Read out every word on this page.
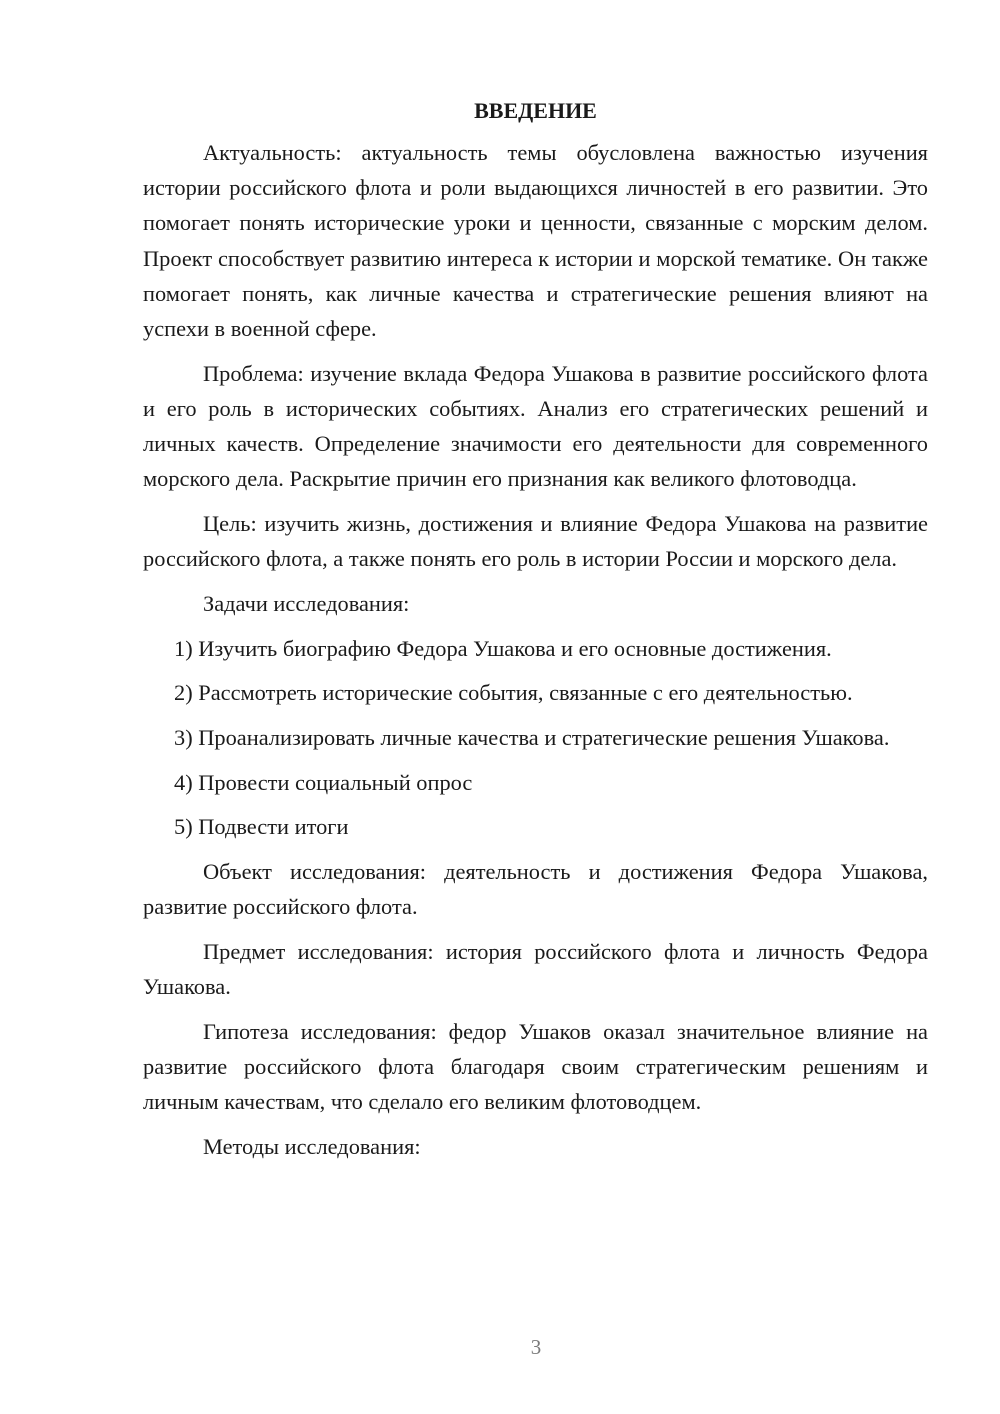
ВВЕДЕНИЕ

Актуальность: актуальность темы обусловлена важностью изучения истории российского флота и роли выдающихся личностей в его развитии. Это помогает понять исторические уроки и ценности, связанные с морским делом. Проект способствует развитию интереса к истории и морской тематике. Он также помогает понять, как личные качества и стратегические решения влияют на успехи в военной сфере.

Проблема: изучение вклада Федора Ушакова в развитие российского флота и его роль в исторических событиях. Анализ его стратегических решений и личных качеств. Определение значимости его деятельности для современного морского дела. Раскрытие причин его признания как великого флотоводца.

Цель: изучить жизнь, достижения и влияние Федора Ушакова на развитие российского флота, а также понять его роль в истории России и морского дела.

Задачи исследования:

1) Изучить биографию Федора Ушакова и его основные достижения.

2) Рассмотреть исторические события, связанные с его деятельностью.

3) Проанализировать личные качества и стратегические решения Ушакова.

4) Провести социальный опрос

5) Подвести итоги

Объект исследования: деятельность и достижения Федора Ушакова, развитие российского флота.

Предмет исследования: история российского флота и личность Федора Ушакова.

Гипотеза исследования: федор Ушаков оказал значительное влияние на развитие российского флота благодаря своим стратегическим решениям и личным качествам, что сделало его великим флотоводцем.

Методы исследования:

3
